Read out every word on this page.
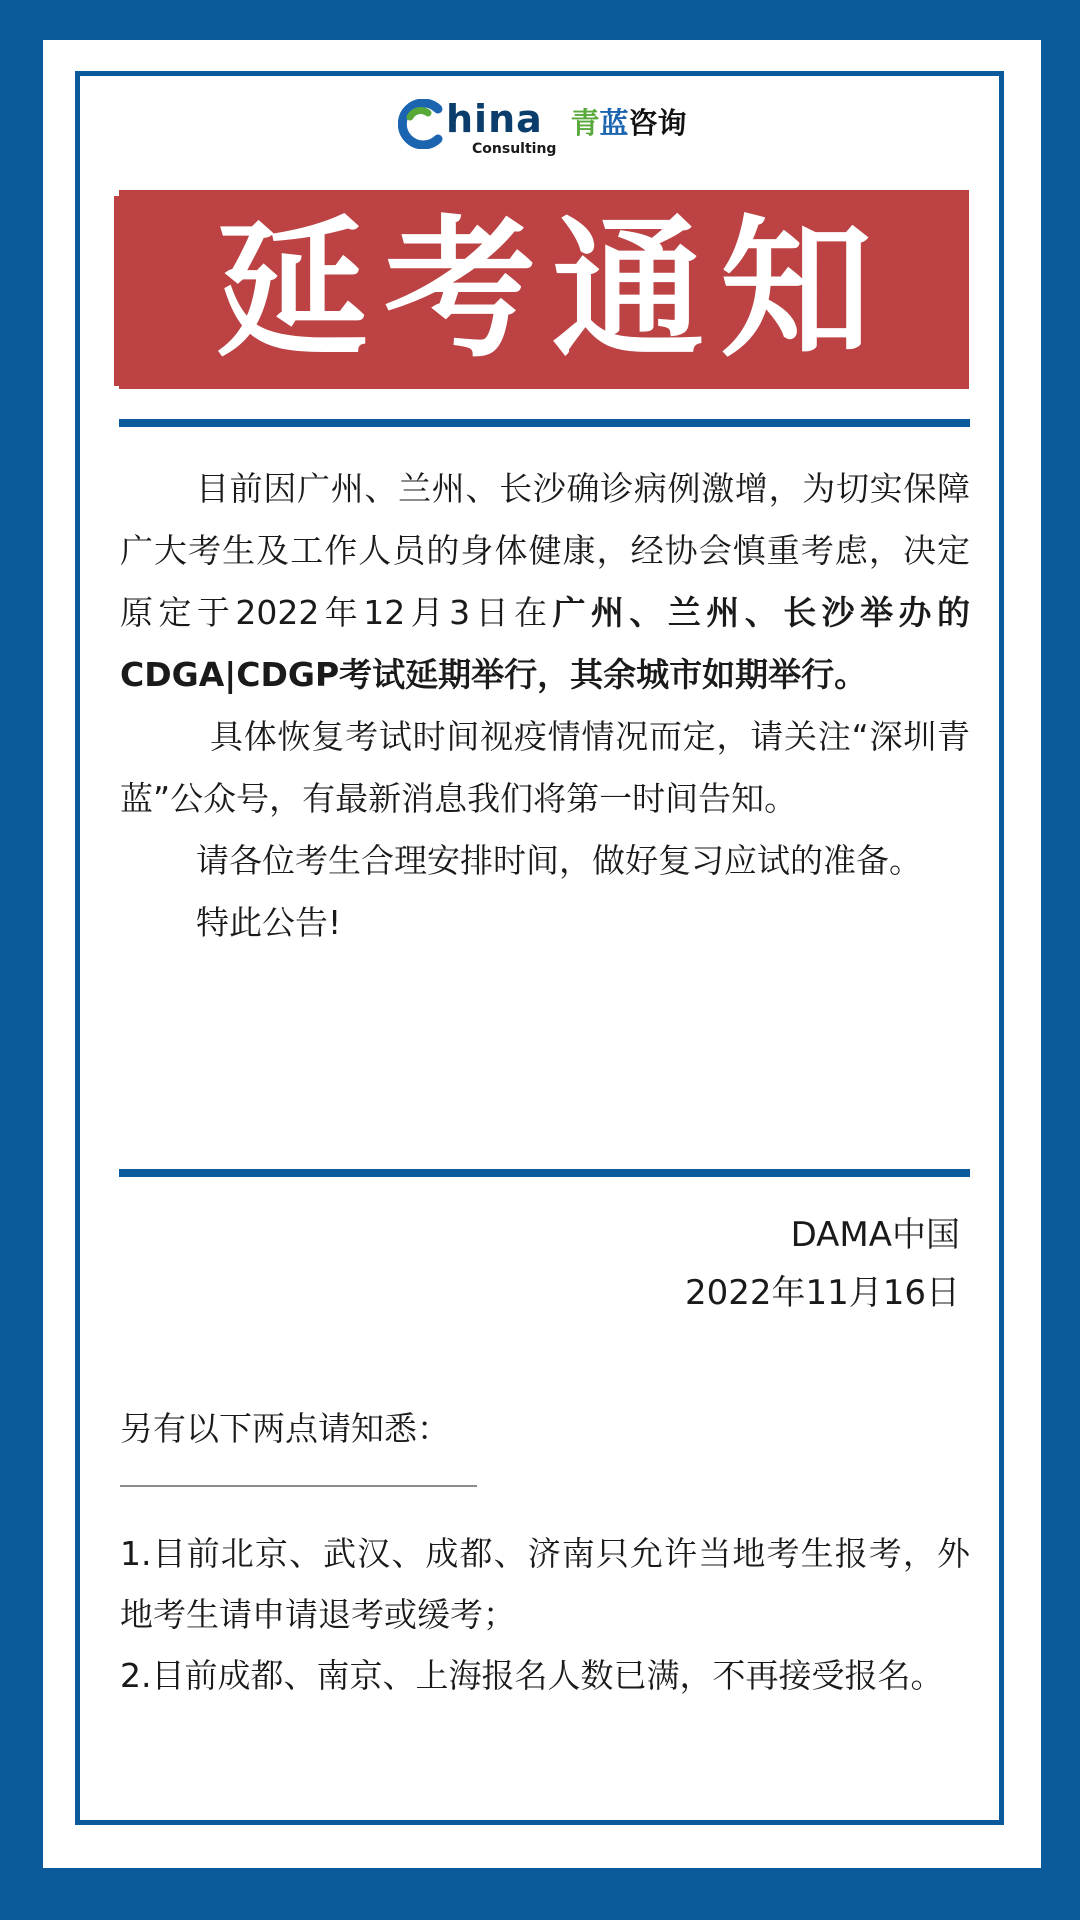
hina
Consulting
青蓝咨询
延考通知

目前因广州、兰州、长沙确诊病例激增，为切实保障广大考生及工作人员的身体健康，经协会慎重考虑，决定原定于2022年12月3日在广州、兰州、长沙举办的CDGA|CDGP考试延期举行，其余城市如期举行。

具体恢复考试时间视疫情情况而定，请关注“深圳青蓝”公众号，有最新消息我们将第一时间告知。

请各位考生合理安排时间，做好复习应试的准备。

特此公告!

DAMA中国
2022年11月16日
另有以下两点请知悉：

1.目前北京、武汉、成都、济南只允许当地考生报考，外地考生请申请退考或缓考；

2.目前成都、南京、上海报名人数已满，不再接受报名。
